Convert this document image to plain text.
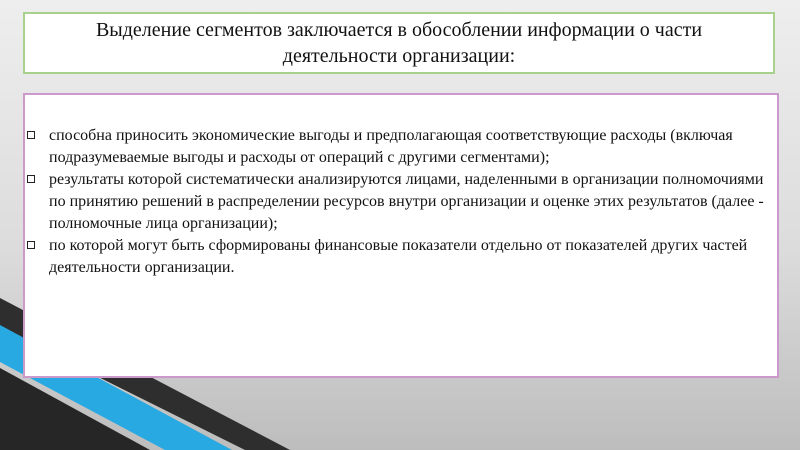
Выделение сегментов заключается в обособлении информации о части деятельности организации:
способна приносить экономические выгоды и предполагающая соответствующие расходы (включая подразумеваемые выгоды и расходы от операций с другими сегментами);
результаты которой систематически анализируются лицами, наделенными в организации полномочиями по принятию решений в распределении ресурсов внутри организации и оценке этих результатов (далее - полномочные лица организации);
по которой могут быть сформированы финансовые показатели отдельно от показателей других частей деятельности организации.
